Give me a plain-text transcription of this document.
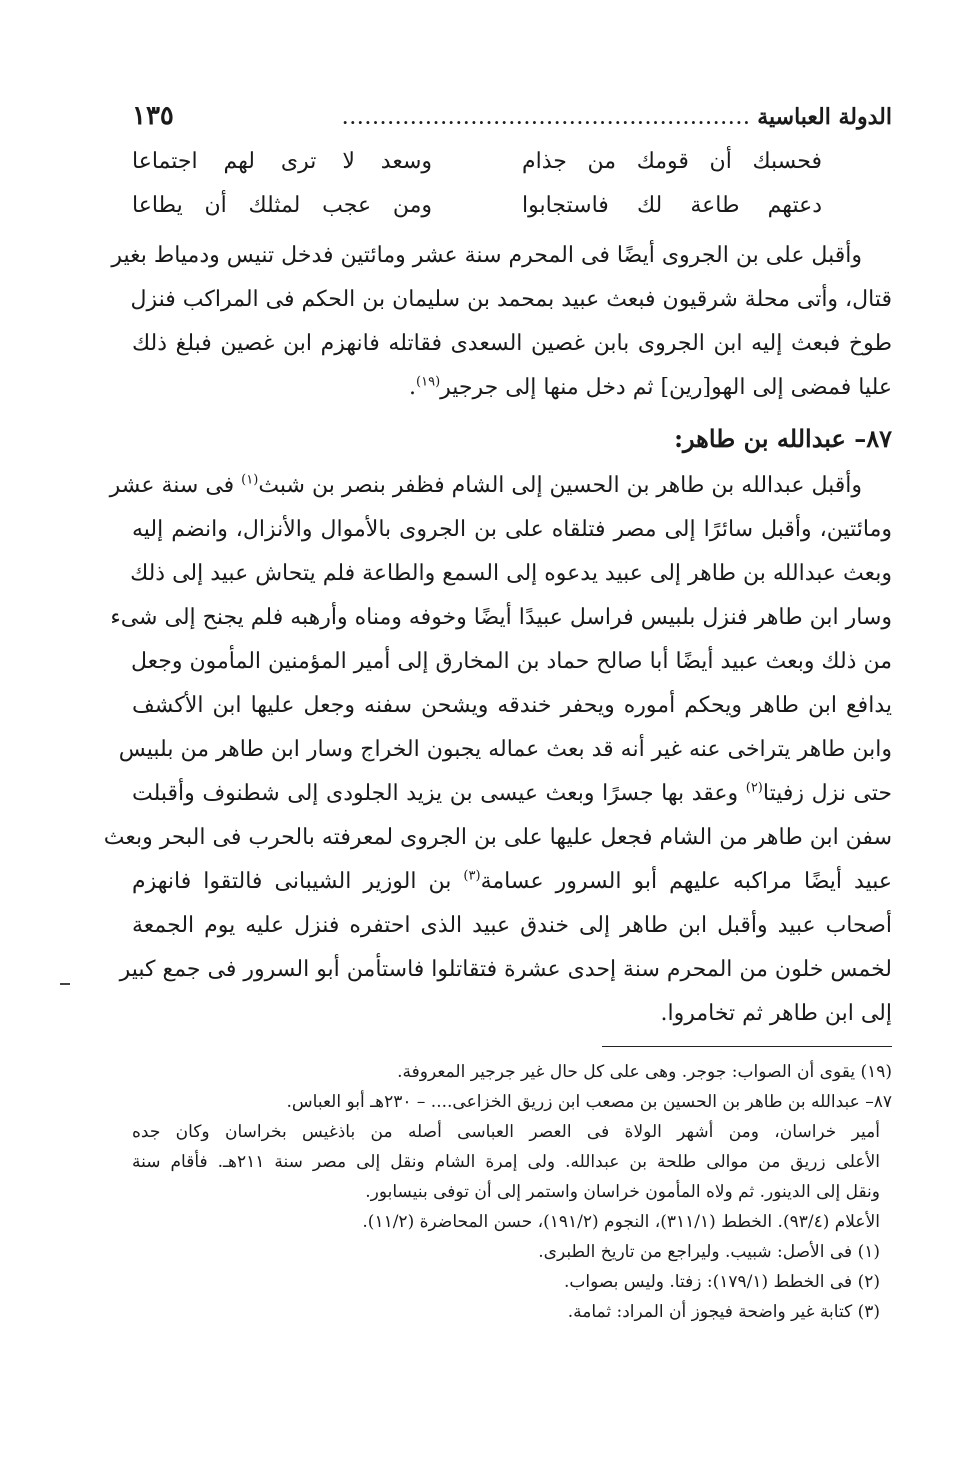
الدولة العباسية
......................................................
١٣٥
فحسبك أن قومك من جذام
وسعد لا ترى لهم اجتماعا
دعتهم طاعة لك فاستجابوا
ومن عجب لمثلك أن يطاعا
وأقبل على بن الجروى أيضًا فى المحرم سنة عشر ومائتين فدخل تنيس ودمياط بغير
قتال، وأتى محلة شرقيون فبعث عبيد بمحمد بن سليمان بن الحكم فى المراكب فنزل
طوخ فبعث إليه ابن الجروى بابن غصين السعدى فقاتله فانهزم ابن غصين فبلغ ذلك
عليا فمضى إلى الهو[رين] ثم دخل منها إلى جرجير$^{(١٩)}$.
٨٧– عبدالله بن طاهر:
وأقبل عبدالله بن طاهر بن الحسين إلى الشام فظفر بنصر بن شبث$^{(١)}$ فى سنة عشر
ومائتين، وأقبل سائرًا إلى مصر فتلقاه على بن الجروى بالأموال والأنزال، وانضم إليه
وبعث عبدالله بن طاهر إلى عبيد يدعوه إلى السمع والطاعة فلم يتحاش عبيد إلى ذلك
وسار ابن طاهر فنزل بلبيس فراسل عبيدًا أيضًا وخوفه ومناه وأرهبه فلم يجنح إلى شىء
من ذلك وبعث عبيد أيضًا أبا صالح حماد بن المخارق إلى أمير المؤمنين المأمون وجعل
يدافع ابن طاهر ويحكم أموره ويحفر خندقه ويشحن سفنه وجعل عليها ابن الأكشف
وابن طاهر يتراخى عنه غير أنه قد بعث عماله يجبون الخراج وسار ابن طاهر من بلبيس
حتى نزل زفيتا$^{(٢)}$ وعقد بها جسرًا وبعث عيسى بن يزيد الجلودى إلى شطنوف وأقبلت
سفن ابن طاهر من الشام فجعل عليها على بن الجروى لمعرفته بالحرب فى البحر وبعث
عبيد أيضًا مراكبه عليهم أبو السرور عسامة$^{(٣)}$ بن الوزير الشيبانى فالتقوا فانهزم
أصحاب عبيد وأقبل ابن طاهر إلى خندق عبيد الذى احتفره فنزل عليه يوم الجمعة
لخمس خلون من المحرم سنة إحدى عشرة فتقاتلوا فاستأمن أبو السرور فى جمع كبير
إلى ابن طاهر ثم تخامروا.
(١٩) يقوى أن الصواب: جوجر. وهى على كل حال غير جرجير المعروفة.
٨٧– عبدالله بن طاهر بن الحسين بن مصعب ابن زريق الخزاعى.... – ٢٣٠هـ أبو العباس.
أمير خراسان، ومن أشهر الولاة فى العصر العباسى أصله من باذغيس بخراسان وكان جده
الأعلى زريق من موالى طلحة بن عبدالله. ولى إمرة الشام ونقل إلى مصر سنة ٢١١هـ. فأقام سنة
ونقل إلى الدينور. ثم ولاه المأمون خراسان واستمر إلى أن توفى بنيسابور.
الأعلام (٩٣/٤). الخطط (٣١١/١)، النجوم (١٩١/٢)، حسن المحاضرة (١١/٢).
(١) فى الأصل: شبيب. وليراجع من تاريخ الطبرى.
(٢) فى الخطط (١٧٩/١): زفتا. وليس بصواب.
(٣) كتابة غير واضحة فيجوز أن المراد: ثمامة.
